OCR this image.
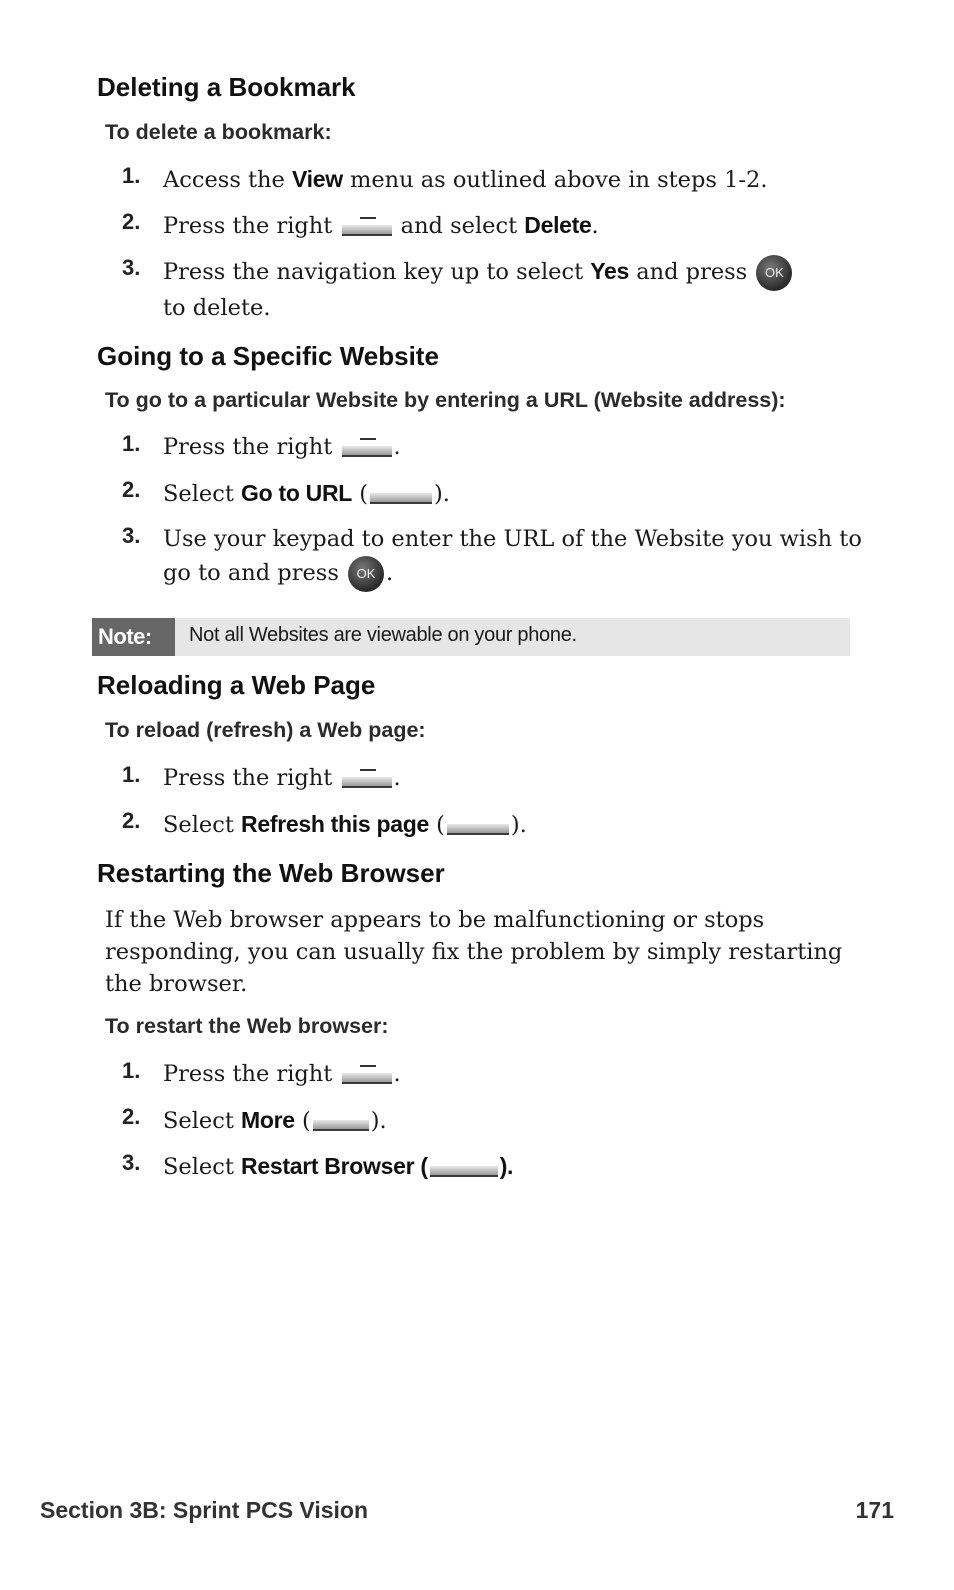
Deleting a Bookmark

To delete a bookmark:

1. Access the View menu as outlined above in steps 1-2.
2. Press the right
and select Delete.
3. Press the navigation key up to select Yes and press OK
to delete.
Going to a Specific Website

To go to a particular Website by entering a URL (Website address):

1. Press the right
.
2. Select Go to URL (	).
3. Use your keypad to enter the URL of the Website you wish to go to and press OK .
Note:	Not all Websites are viewable on your phone.
Reloading a Web Page

To reload (refresh) a Web page:

1. Press the right
.
2. Select Refresh this page (	).
Restarting the Web Browser

If the Web browser appears to be malfunctioning or stops responding, you can usually fix the problem by simply restarting the browser.

To restart the Web browser:

1. Press the right
.
2. Select More (	).
3. Select Restart Browser (	).
Section 3B: Sprint PCS Vision	171
